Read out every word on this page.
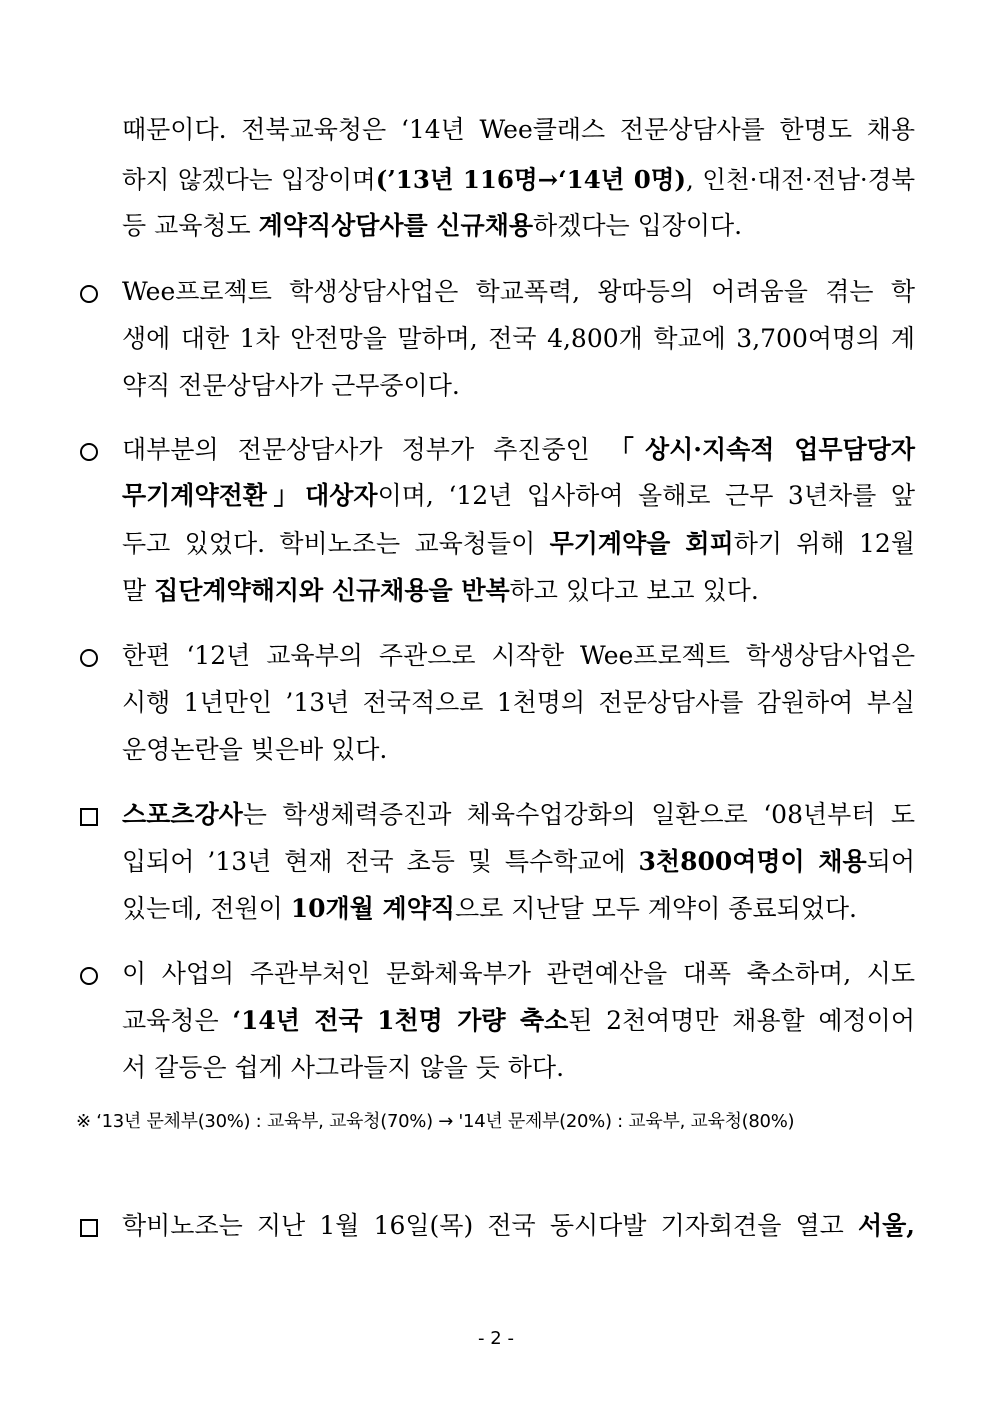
때문이다. 전북교육청은 ‘14년 Wee클래스 전문상담사를 한명도 채용
하지 않겠다는 입장이며(’13년 116명→‘14년 0명), 인천·대전·전남·경북
등 교육청도 계약직상담사를 신규채용하겠다는 입장이다.
Wee프로젝트 학생상담사업은 학교폭력, 왕따등의 어려움을 겪는 학
생에 대한 1차 안전망을 말하며, 전국 4,800개 학교에 3,700여명의 계
약직 전문상담사가 근무중이다.
대부분의 전문상담사가 정부가 추진중인 「상시·지속적 업무담당자
무기계약전환」대상자이며, ‘12년 입사하여 올해로 근무 3년차를 앞
두고 있었다. 학비노조는 교육청들이 무기계약을 회피하기 위해 12월
말 집단계약해지와 신규채용을 반복하고 있다고 보고 있다.
한편 ‘12년 교육부의 주관으로 시작한 Wee프로젝트 학생상담사업은
시행 1년만인 ’13년 전국적으로 1천명의 전문상담사를 감원하여 부실
운영논란을 빚은바 있다.
스포츠강사는 학생체력증진과 체육수업강화의 일환으로 ‘08년부터 도
입되어 ’13년 현재 전국 초등 및 특수학교에 3천800여명이 채용되어
있는데, 전원이 10개월 계약직으로 지난달 모두 계약이 종료되었다.
이 사업의 주관부처인 문화체육부가 관련예산을 대폭 축소하며, 시도
교육청은 ‘14년 전국 1천명 가량 축소된 2천여명만 채용할 예정이어
서 갈등은 쉽게 사그라들지 않을 듯 하다.
※ ‘13년 문체부(30%) : 교육부, 교육청(70%) → '14년 문제부(20%) : 교육부, 교육청(80%)
학비노조는 지난 1월 16일(목) 전국 동시다발 기자회견을 열고 서울,
- 2 -
